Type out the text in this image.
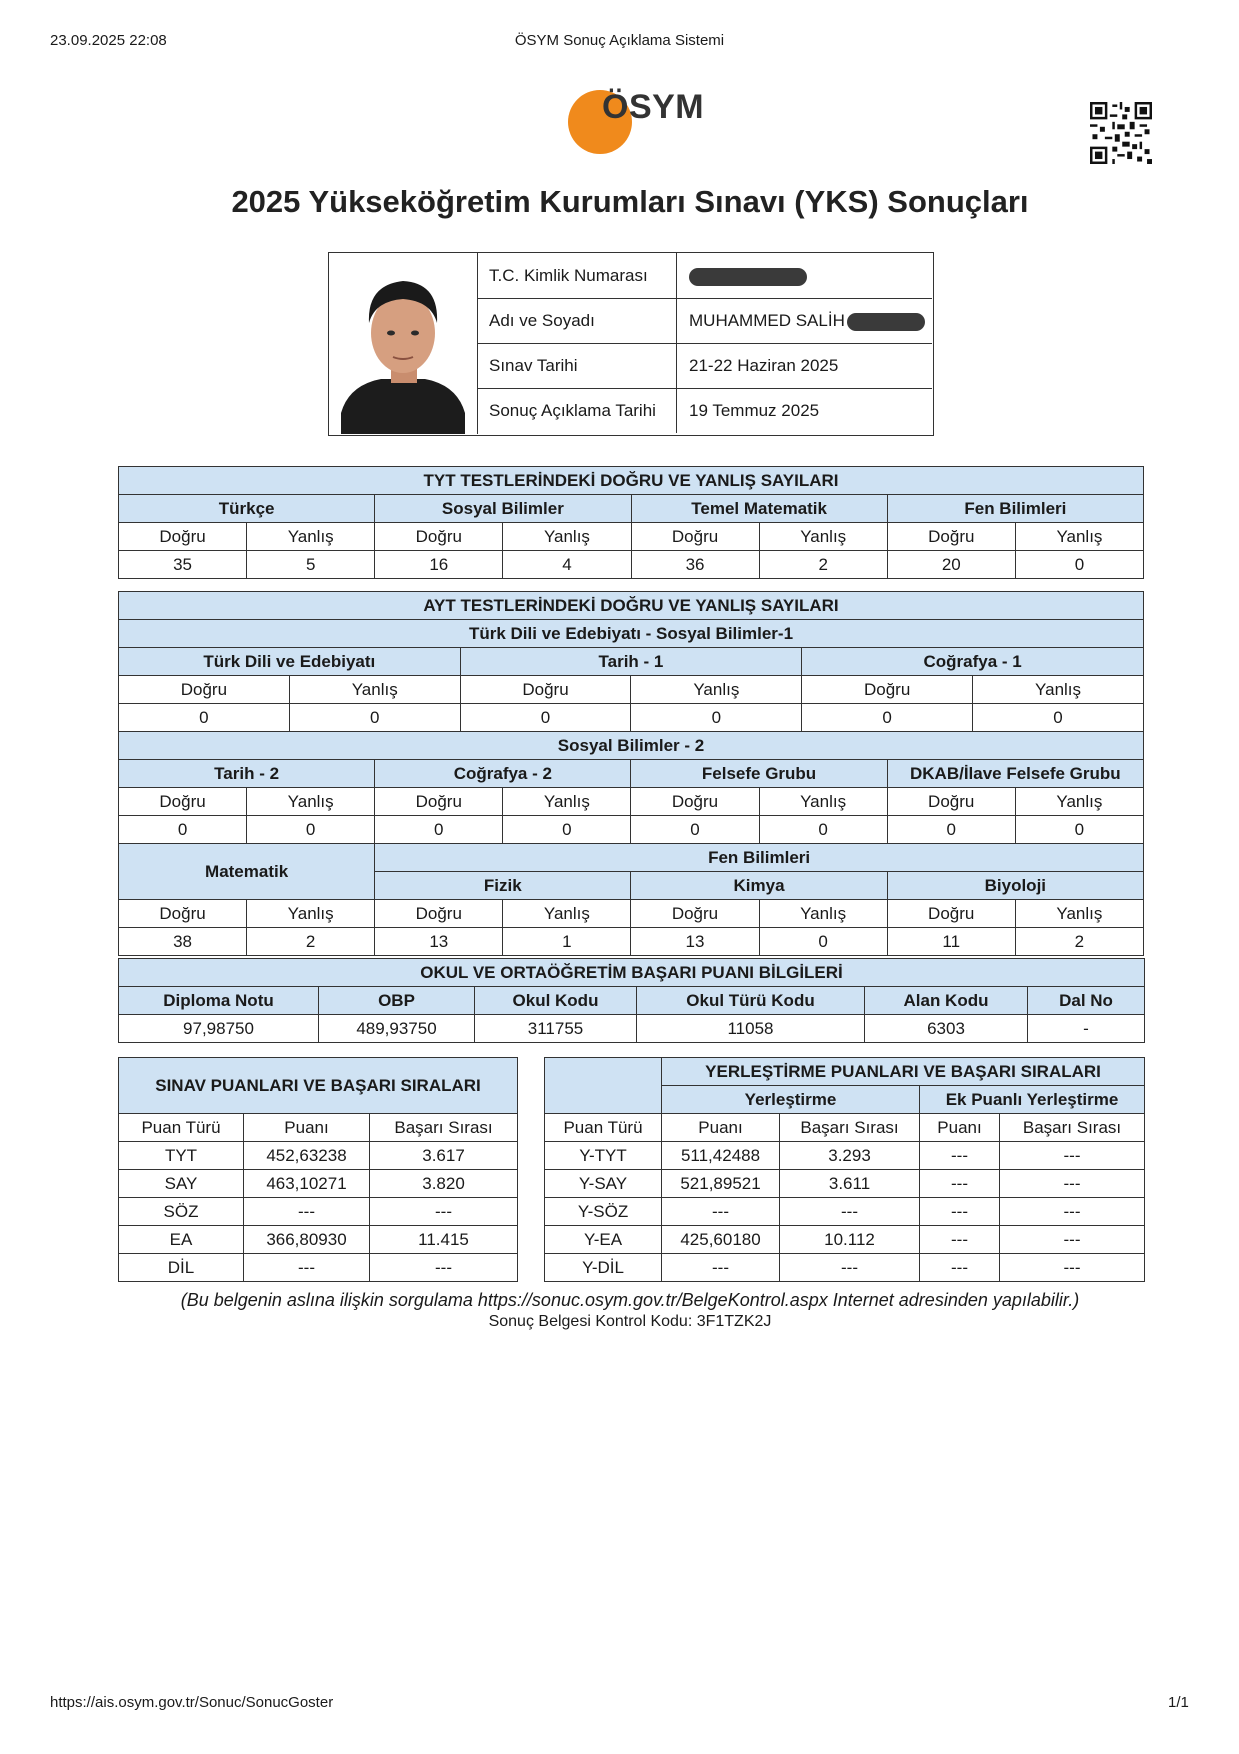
23.09.2025 22:08	ÖSYM Sonuç Açıklama Sistemi
ÖSYM
2025 Yükseköğretim Kurumları Sınavı (YKS) Sonuçları
T.C. Kimlik Numarası
Adı ve Soyadı	MUHAMMED SALİH
Sınav Tarihi	21-22 Haziran 2025
Sonuç Açıklama Tarihi	19 Temmuz 2025
TYT TESTLERİNDEKİ DOĞRU VE YANLIŞ SAYILARI							
Türkçe		Sosyal Bilimler		Temel Matematik		Fen Bilimleri	
Doğru	Yanlış	Doğru	Yanlış	Doğru	Yanlış	Doğru	Yanlış
35	5	16	4	36	2	20	0
AYT TESTLERİNDEKİ DOĞRU VE YANLIŞ SAYILARI											
Türk Dili ve Edebiyatı - Sosyal Bilimler-1											
Türk Dili ve Edebiyatı				Tarih - 1				Coğrafya - 1			
Doğru		Yanlış		Doğru		Yanlış		Doğru		Yanlış	
0		0		0		0		0		0	
Sosyal Bilimler - 2											
Tarih - 2			Coğrafya - 2			Felsefe Grubu			DKAB/İlave Felsefe Grubu		
Doğru	Yanlış		Doğru		Yanlış	Doğru	Yanlış		Doğru		Yanlış
0	0		0		0	0	0		0		0
Matematik			Fen Bilimleri								
			Fizik			Kimya			Biyoloji		
Doğru	Yanlış		Doğru		Yanlış	Doğru	Yanlış		Doğru		Yanlış
38	2		13		1	13	0		11		2
OKUL VE ORTAÖĞRETİM BAŞARI PUANI BİLGİLERİ					
Diploma Notu	OBP	Okul Kodu	Okul Türü Kodu	Alan Kodu	Dal No
97,98750	489,93750	311755	11058	6303	-
SINAV PUANLARI VE BAŞARI SIRALARI					YERLEŞTİRME PUANLARI VE BAŞARI SIRALARI			
					Yerleştirme		Ek Puanlı Yerleştirme	
Puan Türü	Puanı	Başarı Sırası		Puan Türü	Puanı	Başarı Sırası	Puanı	Başarı Sırası
TYT	452,63238	3.617		Y-TYT	511,42488	3.293	---	---
SAY	463,10271	3.820		Y-SAY	521,89521	3.611	---	---
SÖZ	---	---		Y-SÖZ	---	---	---	---
EA	366,80930	11.415		Y-EA	425,60180	10.112	---	---
DİL	---	---		Y-DİL	---	---	---	---
(Bu belgenin aslına ilişkin sorgulama https://sonuc.osym.gov.tr/BelgeKontrol.aspx Internet adresinden yapılabilir.)
Sonuç Belgesi Kontrol Kodu: 3F1TZK2J
https://ais.osym.gov.tr/Sonuc/SonucGoster	1/1
